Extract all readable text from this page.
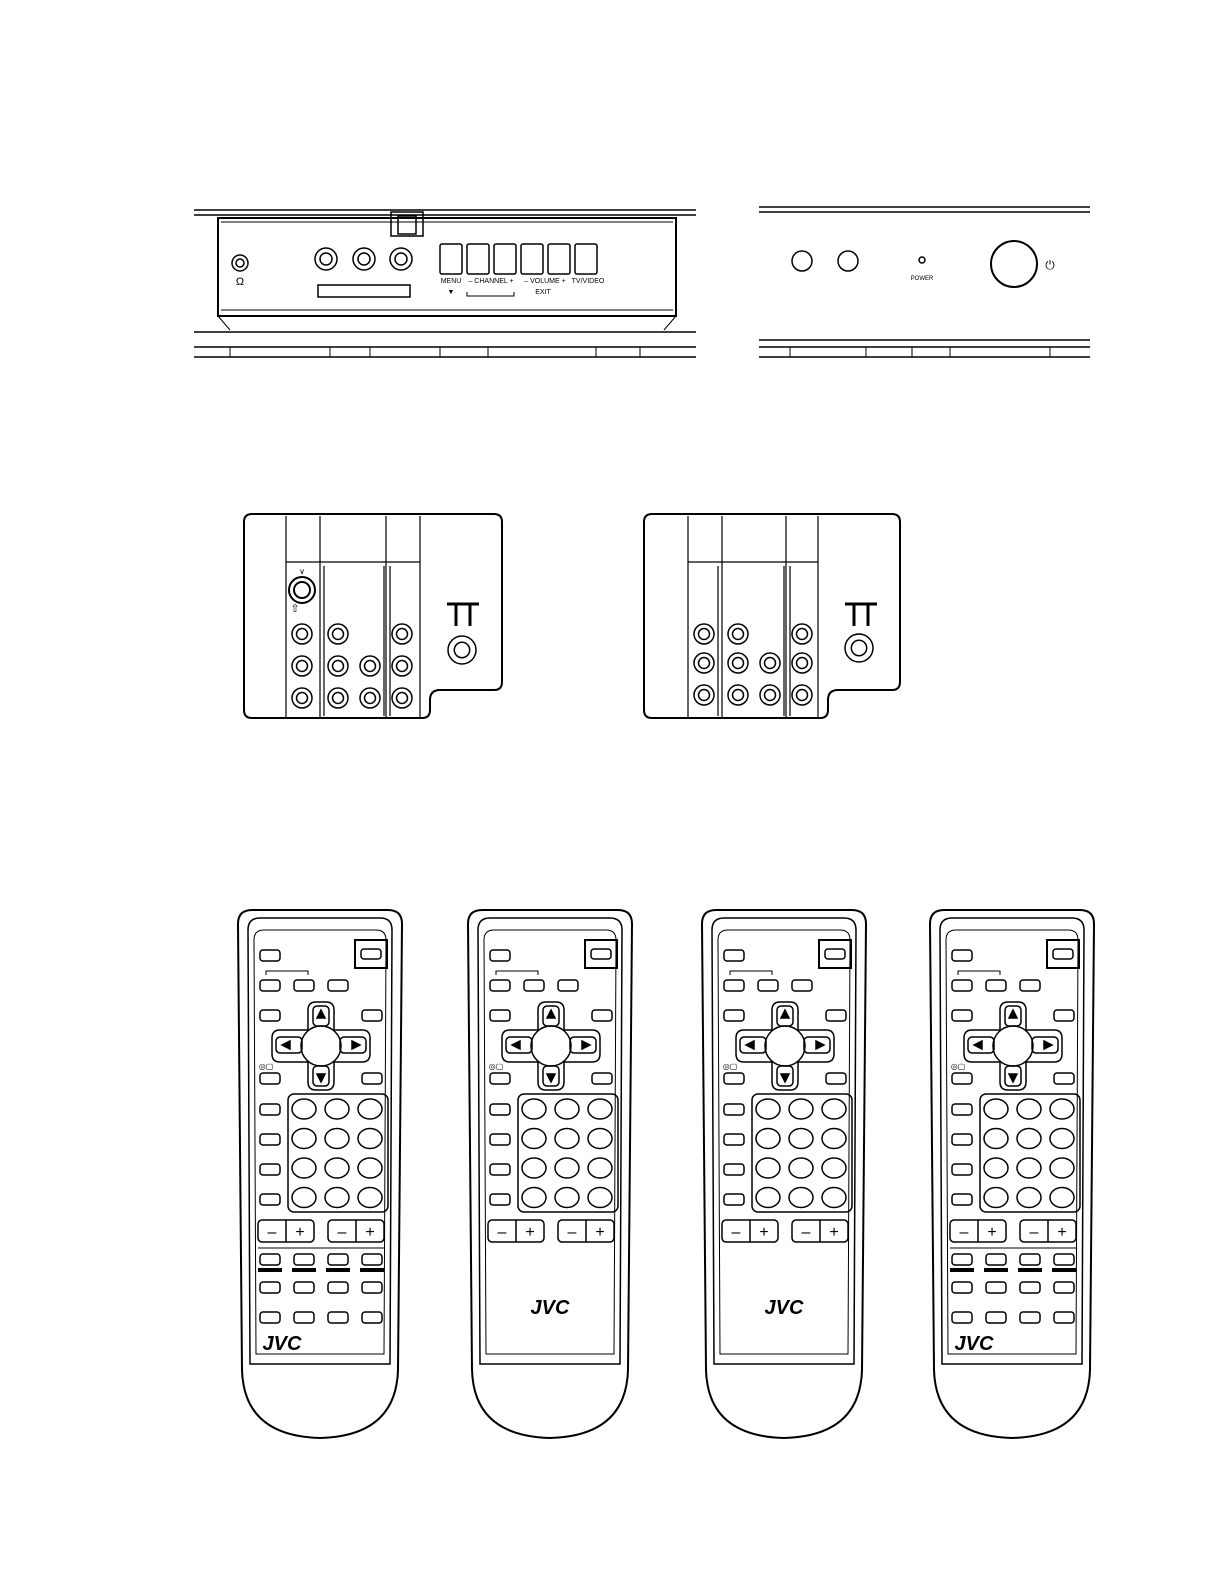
– + – +
◎▢
JVC
– + – +
◎▢
JVC
– + – +
◎▢
JVC
– + – +
◎▢
JVC
MENU
▼
– CHANNEL + – VOLUME +
EXIT
TV/VIDEO
Ω	POWER
⏻
∨
⇧
